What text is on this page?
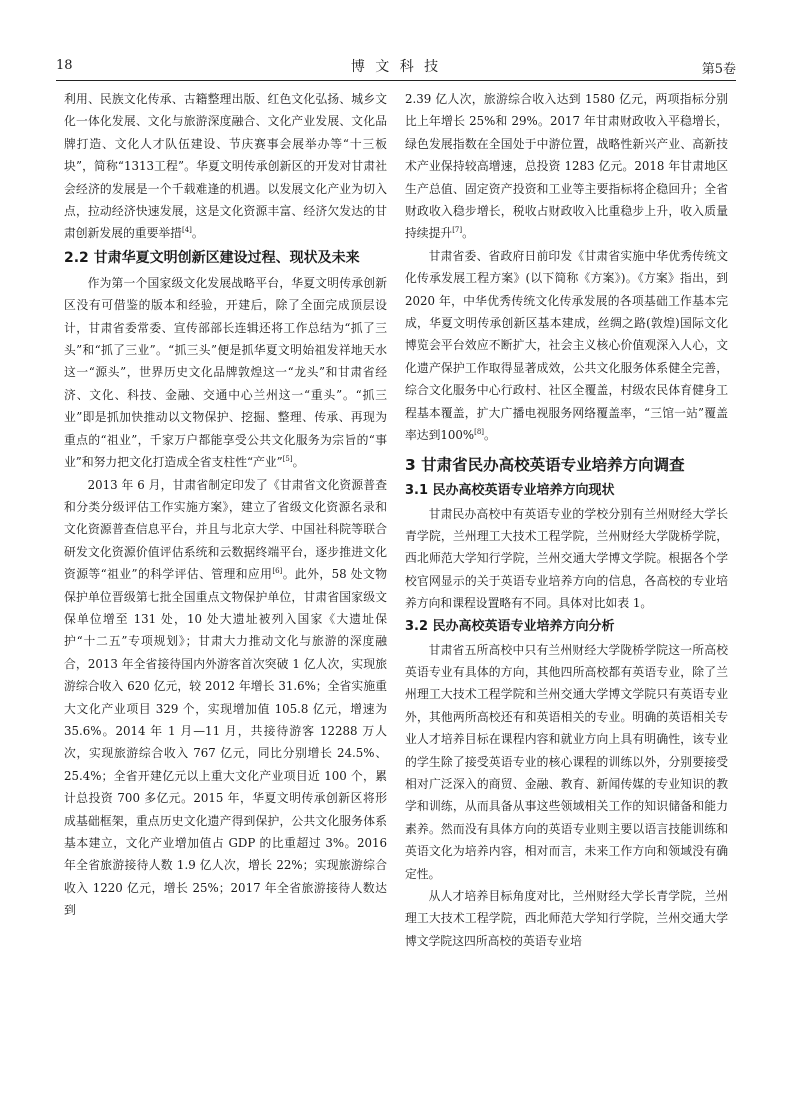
18	博 文 科 技	第5卷

利用、民族文化传承、古籍整理出版、红色文化弘扬、城乡文化一体化发展、文化与旅游深度融合、文化产业发展、文化品牌打造、文化人才队伍建设、节庆赛事会展举办等“十三板块”，简称“1313工程”。华夏文明传承创新区的开发对甘肃社会经济的发展是一个千载难逢的机遇。以发展文化产业为切入点，拉动经济快速发展，这是文化资源丰富、经济欠发达的甘肃创新发展的重要举措[4]。

2.2 甘肃华夏文明创新区建设过程、现状及未来

作为第一个国家级文化发展战略平台，华夏文明传承创新区没有可借鉴的版本和经验，开建后，除了全面完成顶层设计，甘肃省委常委、宣传部部长连辑还将工作总结为“抓了三头”和“抓了三业”。“抓三头”便是抓华夏文明始祖发祥地天水这一“源头”，世界历史文化品牌敦煌这一“龙头”和甘肃省经济、文化、科技、金融、交通中心兰州这一“重头”。“抓三业”即是抓加快推动以文物保护、挖掘、整理、传承、再现为重点的“祖业”，千家万户都能享受公共文化服务为宗旨的“事业”和努力把文化打造成全省支柱性“产业”[5]。

2013 年 6 月，甘肃省制定印发了《甘肃省文化资源普查和分类分级评估工作实施方案》，建立了省级文化资源名录和文化资源普查信息平台，并且与北京大学、中国社科院等联合研发文化资源价值评估系统和云数据终端平台，逐步推进文化资源等“祖业”的科学评估、管理和应用[6]。此外，58 处文物保护单位晋级第七批全国重点文物保护单位，甘肃省国家级文保单位增至 131 处，10 处大遗址被列入国家《大遗址保护“十二五”专项规划》；甘肃大力推动文化与旅游的深度融合，2013 年全省接待国内外游客首次突破 1 亿人次，实现旅游综合收入 620 亿元，较 2012 年增长 31.6%；全省实施重大文化产业项目 329 个，实现增加值 105.8 亿元，增速为 35.6%。2014 年 1 月—11 月，共接待游客 12288 万人次，实现旅游综合收入 767 亿元，同比分别增长 24.5%、25.4%；全省开建亿元以上重大文化产业项目近 100 个，累计总投资 700 多亿元。2015 年，华夏文明传承创新区将形成基础框架，重点历史文化遗产得到保护，公共文化服务体系基本建立，文化产业增加值占 GDP 的比重超过 3%。2016 年全省旅游接待人数 1.9 亿人次，增长 22%；实现旅游综合收入 1220 亿元，增长 25%；2017 年全省旅游接待人数达到

2.39 亿人次，旅游综合收入达到 1580 亿元，两项指标分别比上年增长 25%和 29%。2017 年甘肃财政收入平稳增长，绿色发展指数在全国处于中游位置，战略性新兴产业、高新技术产业保持较高增速，总投资 1283 亿元。2018 年甘肃地区生产总值、固定资产投资和工业等主要指标将企稳回升；全省财政收入稳步增长，税收占财政收入比重稳步上升，收入质量持续提升[7]。

甘肃省委、省政府日前印发《甘肃省实施中华优秀传统文化传承发展工程方案》(以下简称《方案》)。《方案》指出，到 2020 年，中华优秀传统文化传承发展的各项基础工作基本完成，华夏文明传承创新区基本建成，丝绸之路(敦煌)国际文化博览会平台效应不断扩大，社会主义核心价值观深入人心，文化遗产保护工作取得显著成效，公共文化服务体系健全完善，综合文化服务中心行政村、社区全覆盖，村级农民体育健身工程基本覆盖，扩大广播电视服务网络覆盖率，“三馆一站”覆盖率达到100%[8]。

3 甘肃省民办高校英语专业培养方向调查
3.1 民办高校英语专业培养方向现状

甘肃民办高校中有英语专业的学校分别有兰州财经大学长青学院，兰州理工大技术工程学院，兰州财经大学陇桥学院，西北师范大学知行学院，兰州交通大学博文学院。根据各个学校官网显示的关于英语专业培养方向的信息，各高校的专业培养方向和课程设置略有不同。具体对比如表 1。

3.2 民办高校英语专业培养方向分析

甘肃省五所高校中只有兰州财经大学陇桥学院这一所高校英语专业有具体的方向，其他四所高校都有英语专业，除了兰州理工大技术工程学院和兰州交通大学博文学院只有英语专业外，其他两所高校还有和英语相关的专业。明确的英语相关专业人才培养目标在课程内容和就业方向上具有明确性，该专业的学生除了接受英语专业的核心课程的训练以外，分别要接受相对广泛深入的商贸、金融、教育、新闻传媒的专业知识的教学和训练，从而具备从事这些领域相关工作的知识储备和能力素养。然而没有具体方向的英语专业则主要以语言技能训练和英语文化为培养内容，相对而言，未来工作方向和领域没有确定性。

从人才培养目标角度对比，兰州财经大学长青学院，兰州理工大技术工程学院，西北师范大学知行学院，兰州交通大学博文学院这四所高校的英语专业培
